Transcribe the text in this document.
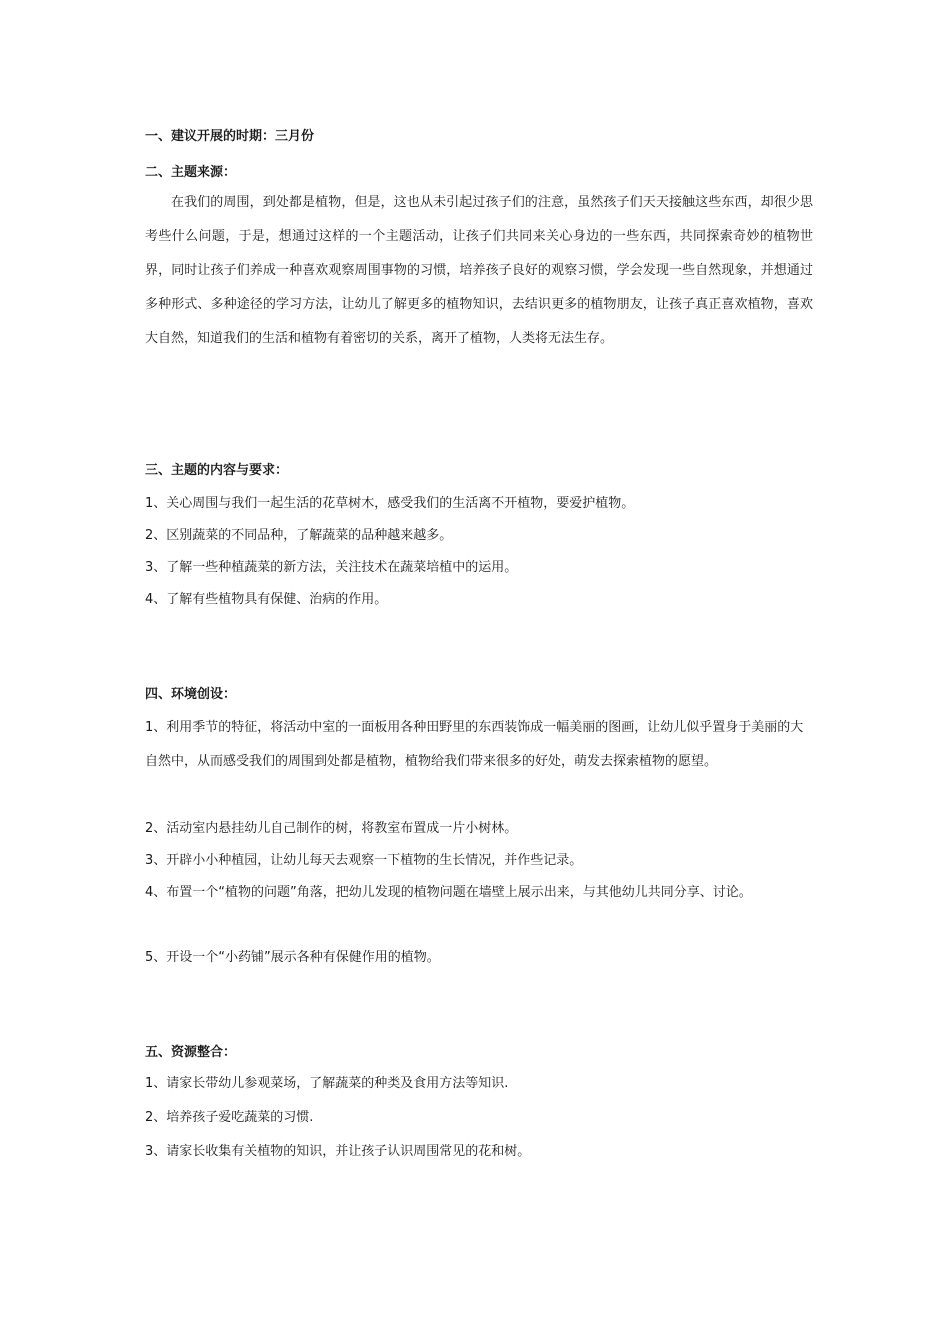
一、建议开展的时期：三月份
二、主题来源：
在我们的周围，到处都是植物，但是，这也从未引起过孩子们的注意，虽然孩子们天天接触这些东西，却很少思考些什么问题，于是，想通过这样的一个主题活动，让孩子们共同来关心身边的一些东西，共同探索奇妙的植物世界，同时让孩子们养成一种喜欢观察周围事物的习惯，培养孩子良好的观察习惯，学会发现一些自然现象，并想通过多种形式、多种途径的学习方法，让幼儿了解更多的植物知识，去结识更多的植物朋友，让孩子真正喜欢植物，喜欢大自然，知道我们的生活和植物有着密切的关系，离开了植物，人类将无法生存。
三、主题的内容与要求：
1、关心周围与我们一起生活的花草树木，感受我们的生活离不开植物，要爱护植物。
2、区别蔬菜的不同品种，了解蔬菜的品种越来越多。
3、了解一些种植蔬菜的新方法，关注技术在蔬菜培植中的运用。
4、了解有些植物具有保健、治病的作用。
四、环境创设：
1、利用季节的特征，将活动中室的一面板用各种田野里的东西装饰成一幅美丽的图画，让幼儿似乎置身于美丽的大自然中，从而感受我们的周围到处都是植物，植物给我们带来很多的好处，萌发去探索植物的愿望。
2、活动室内悬挂幼儿自己制作的树，将教室布置成一片小树林。
3、开辟小小种植园，让幼儿每天去观察一下植物的生长情况，并作些记录。
4、布置一个“植物的问题”角落，把幼儿发现的植物问题在墙壁上展示出来，与其他幼儿共同分享、讨论。
5、开设一个“小药铺”展示各种有保健作用的植物。
五、资源整合：
1、请家长带幼儿参观菜场，了解蔬菜的种类及食用方法等知识.
2、培养孩子爱吃蔬菜的习惯.
3、请家长收集有关植物的知识，并让孩子认识周围常见的花和树。
